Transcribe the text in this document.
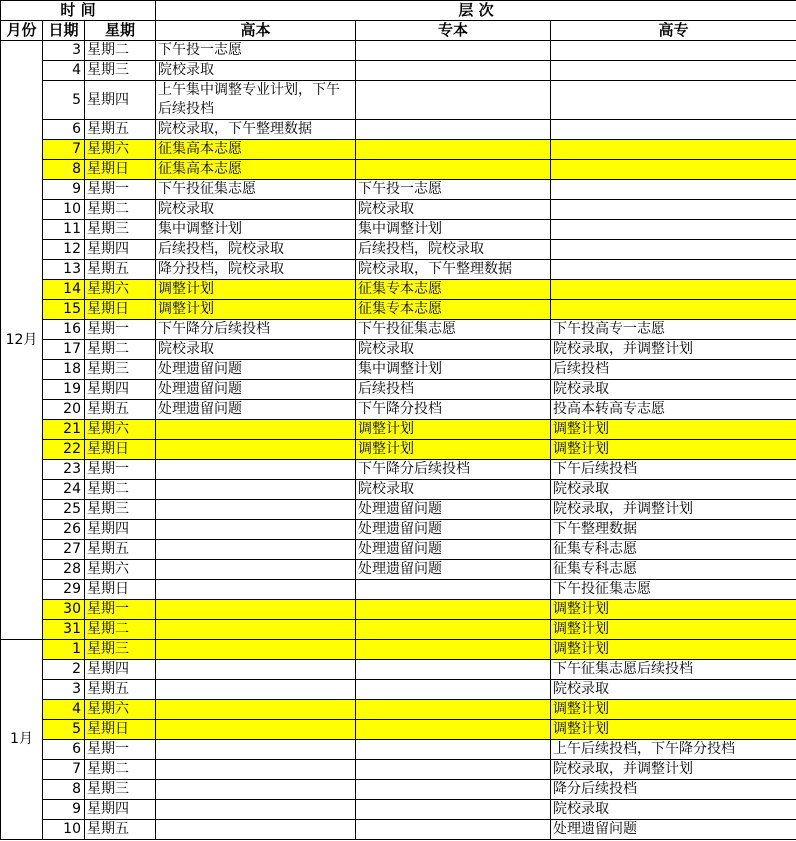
时 间			层 次		
月份	日期	星期	高本	专本	高专
12月	3	星期二	下午投一志愿		
	4	星期三	院校录取		
	5	星期四	上午集中调整专业计划，下午后续投档		
	6	星期五	院校录取，下午整理数据		
	7	星期六	征集高本志愿		
	8	星期日	征集高本志愿		
	9	星期一	下午投征集志愿	下午投一志愿	
	10	星期二	院校录取	院校录取	
	11	星期三	集中调整计划	集中调整计划	
	12	星期四	后续投档，院校录取	后续投档，院校录取	
	13	星期五	降分投档，院校录取	院校录取，下午整理数据	
	14	星期六	调整计划	征集专本志愿	
	15	星期日	调整计划	征集专本志愿	
	16	星期一	下午降分后续投档	下午投征集志愿	下午投高专一志愿
	17	星期二	院校录取	院校录取	院校录取，并调整计划
	18	星期三	处理遗留问题	集中调整计划	后续投档
	19	星期四	处理遗留问题	后续投档	院校录取
	20	星期五	处理遗留问题	下午降分投档	投高本转高专志愿
	21	星期六		调整计划	调整计划
	22	星期日		调整计划	调整计划
	23	星期一		下午降分后续投档	下午后续投档
	24	星期二		院校录取	院校录取
	25	星期三		处理遗留问题	院校录取，并调整计划
	26	星期四		处理遗留问题	下午整理数据
	27	星期五		处理遗留问题	征集专科志愿
	28	星期六		处理遗留问题	征集专科志愿
	29	星期日			下午投征集志愿
	30	星期一			调整计划
	31	星期二			调整计划
1月	1	星期三			调整计划
	2	星期四			下午征集志愿后续投档
	3	星期五			院校录取
	4	星期六			调整计划
	5	星期日			调整计划
	6	星期一			上午后续投档，下午降分投档
	7	星期二			院校录取，并调整计划
	8	星期三			降分后续投档
	9	星期四			院校录取
	10	星期五			处理遗留问题
